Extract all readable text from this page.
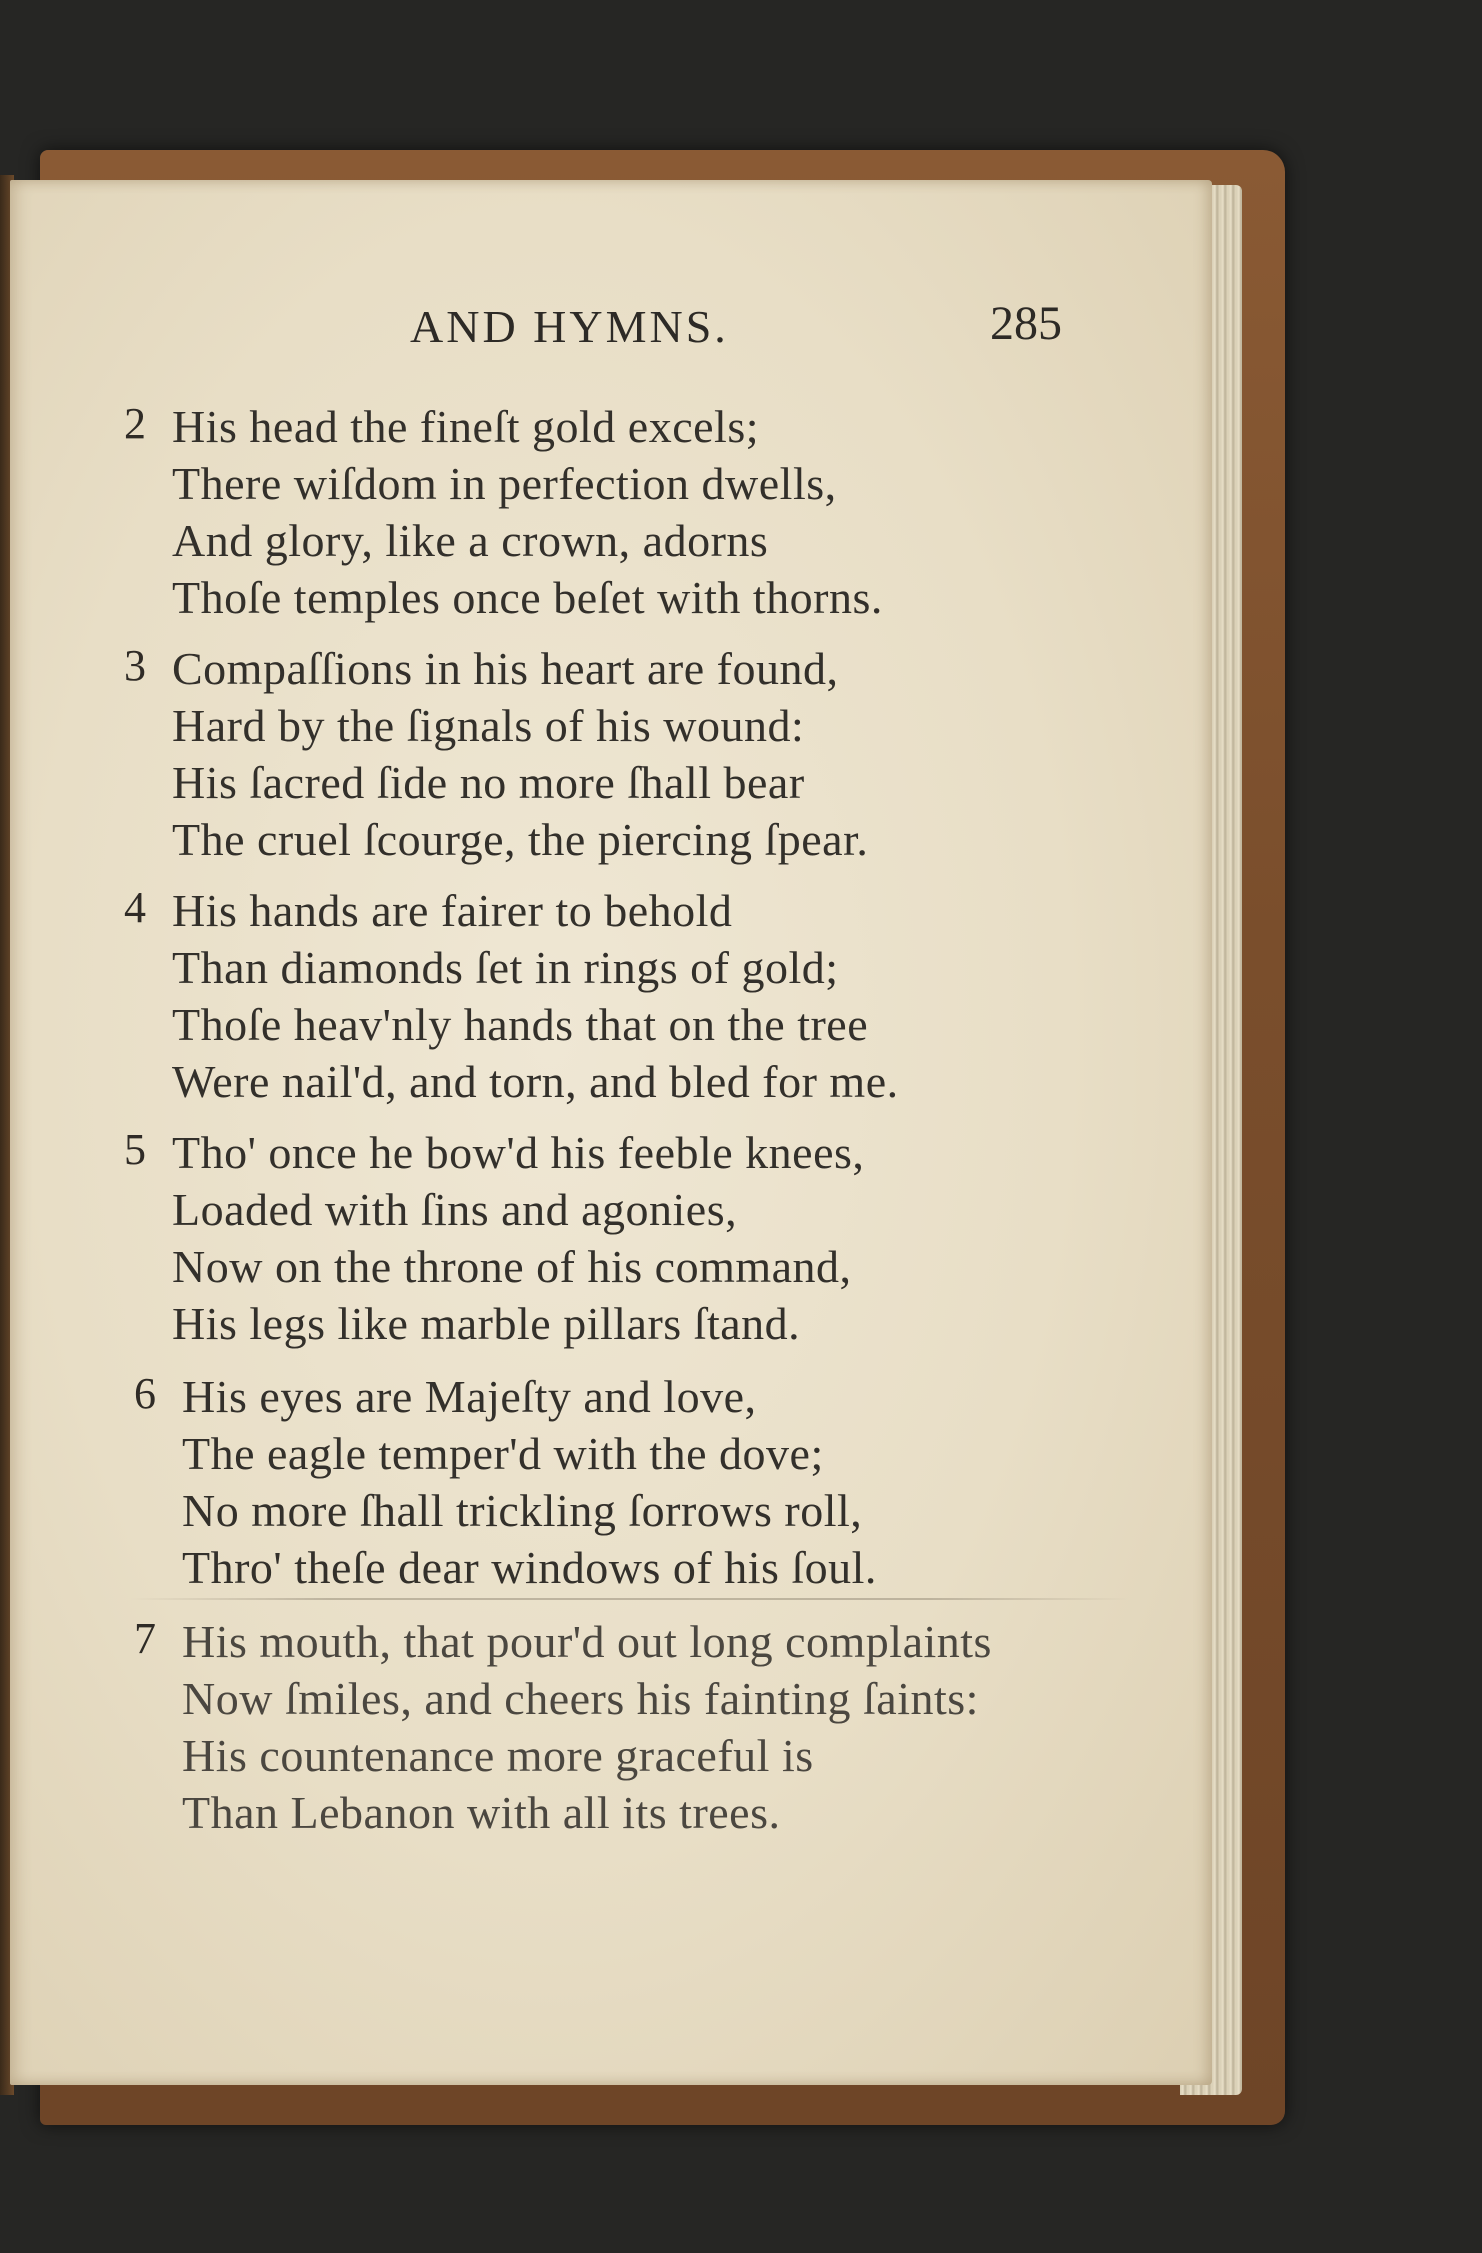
AND HYMNS.	285
2 His head the fineſt gold excels;

There wiſdom in perfection dwells,

And glory, like a crown, adorns

Thoſe temples once beſet with thorns.

3 Compaſſions in his heart are found,

Hard by the ſignals of his wound:

His ſacred ſide no more ſhall bear

The cruel ſcourge, the piercing ſpear.

4 His hands are fairer to behold

Than diamonds ſet in rings of gold;

Thoſe heav'nly hands that on the tree

Were nail'd, and torn, and bled for me.

5 Tho' once he bow'd his feeble knees,

Loaded with ſins and agonies,

Now on the throne of his command,

His legs like marble pillars ſtand.

6 His eyes are Majeſty and love,

The eagle temper'd with the dove;

No more ſhall trickling ſorrows roll,

Thro' theſe dear windows of his ſoul.

7 His mouth, that pour'd out long complaints

Now ſmiles, and cheers his fainting ſaints:

His countenance more graceful is

Than Lebanon with all its trees.
